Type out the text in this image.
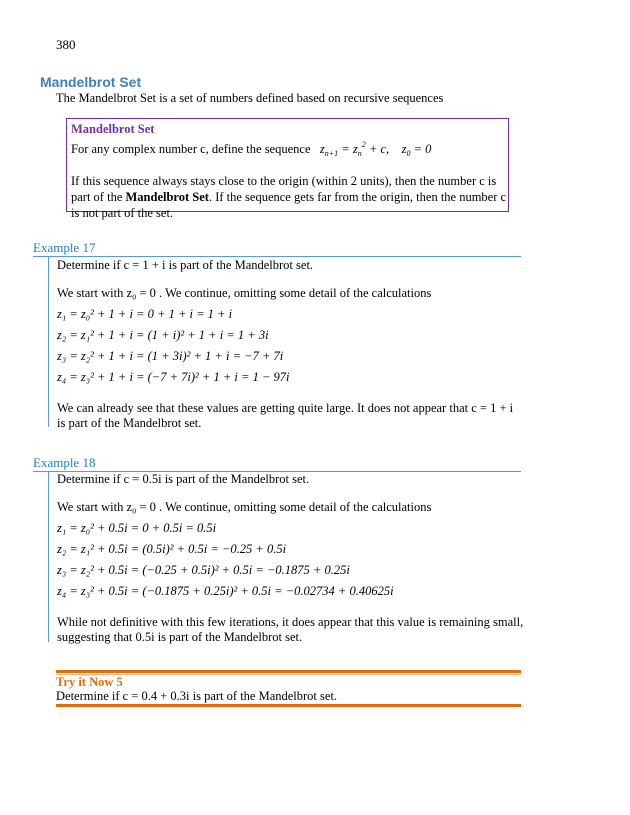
380
Mandelbrot Set
The Mandelbrot Set is a set of numbers defined based on recursive sequences
Mandelbrot Set
For any complex number c, define the sequence   $z_{n+1} = z_n^2 + c$,    $z_0 = 0$
If this sequence always stays close to the origin (within 2 units), then the number c is
part of the Mandelbrot Set. If the sequence gets far from the origin, then the number c
is not part of the set.
Example 17
Determine if c = 1 + i is part of the Mandelbrot set.
We start with z₀ = 0 . We continue, omitting some detail of the calculations
z₁ = z₀² + 1 + i = 0 + 1 + i = 1 + i
z₂ = z₁² + 1 + i = (1 + i)² + 1 + i = 1 + 3i
z₃ = z₂² + 1 + i = (1 + 3i)² + 1 + i = −7 + 7i
z₄ = z₃² + 1 + i = (−7 + 7i)² + 1 + i = 1 − 97i
We can already see that these values are getting quite large. It does not appear that c = 1 + i
is part of the Mandelbrot set.
Example 18
Determine if c = 0.5i is part of the Mandelbrot set.
We start with z₀ = 0 . We continue, omitting some detail of the calculations
z₁ = z₀² + 0.5i = 0 + 0.5i = 0.5i
z₂ = z₁² + 0.5i = (0.5i)² + 0.5i = −0.25 + 0.5i
z₃ = z₂² + 0.5i = (−0.25 + 0.5i)² + 0.5i = −0.1875 + 0.25i
z₄ = z₃² + 0.5i = (−0.1875 + 0.25i)² + 0.5i = −0.02734 + 0.40625i
While not definitive with this few iterations, it does appear that this value is remaining small,
suggesting that 0.5i is part of the Mandelbrot set.
Try it Now 5
Determine if c = 0.4 + 0.3i is part of the Mandelbrot set.
